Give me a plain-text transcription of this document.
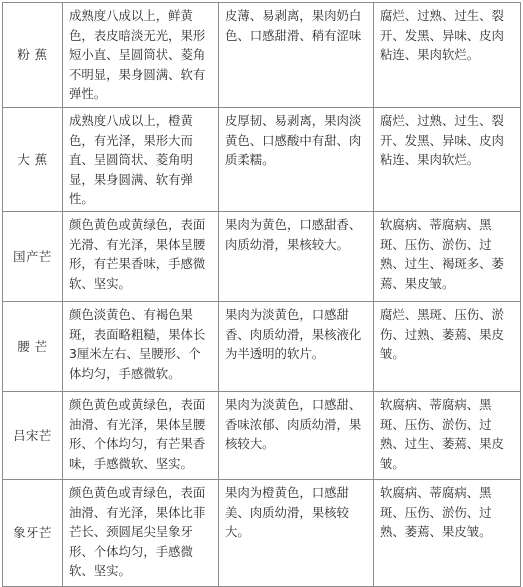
粉 蕉	成熟度八成以上，鲜黄色，表皮暗淡无光，果形短小直、呈圆筒状、菱角不明显，果身圆满、软有弹性。	皮薄、易剥离，果肉奶白色、口感甜滑、稍有涩味	腐烂、过熟、过生、裂开、发黑、异味、皮肉粘连、果肉软烂。
大 蕉	成熟度八成以上，橙黄色，有光泽，果形大而直、呈圆筒状、菱角明显，果身圆满、软有弹性。	皮厚韧、易剥离，果肉淡黄色、口感酸中有甜、肉质柔糯。	腐烂、过熟、过生、裂开、发黑、异味、皮肉粘连、果肉软烂。
国产芒	颜色黄色或黄绿色，表面光滑、有光泽，果体呈腰形，有芒果香味，手感微软、坚实。	果肉为黄色，口感甜香、肉质幼滑，果核较大。	软腐病、蒂腐病、黑斑、压伤、淤伤、过熟、过生、褐斑多、萎蔫、果皮皱。
腰 芒	颜色淡黄色、有褐色果斑，表面略粗糙，果体长3厘米左右、呈腰形、个体均匀，手感微软。	果肉为淡黄色，口感甜香、肉质幼滑，果核液化为半透明的软片。	腐烂、黑斑、压伤、淤伤、过熟、萎蔫、果皮皱。
吕宋芒	颜色黄色或黄绿色，表面油滑、有光泽，果体呈腰形、个体均匀，有芒果香味，手感微软、坚实。	果肉为淡黄色，口感甜、香味浓郁、肉质幼滑，果核较大。	软腐病、蒂腐病、黑斑、压伤、淤伤、过熟、过生、萎蔫、果皮皱。
象牙芒	颜色黄色或青绿色，表面油滑、有光泽，果体比菲芒长、颈圆尾尖呈象牙形、个体均匀，手感微软、坚实。	果肉为橙黄色，口感甜美、肉质幼滑，果核较大。	软腐病、蒂腐病、黑斑、压伤、淤伤、过熟、萎蔫、果皮皱。
